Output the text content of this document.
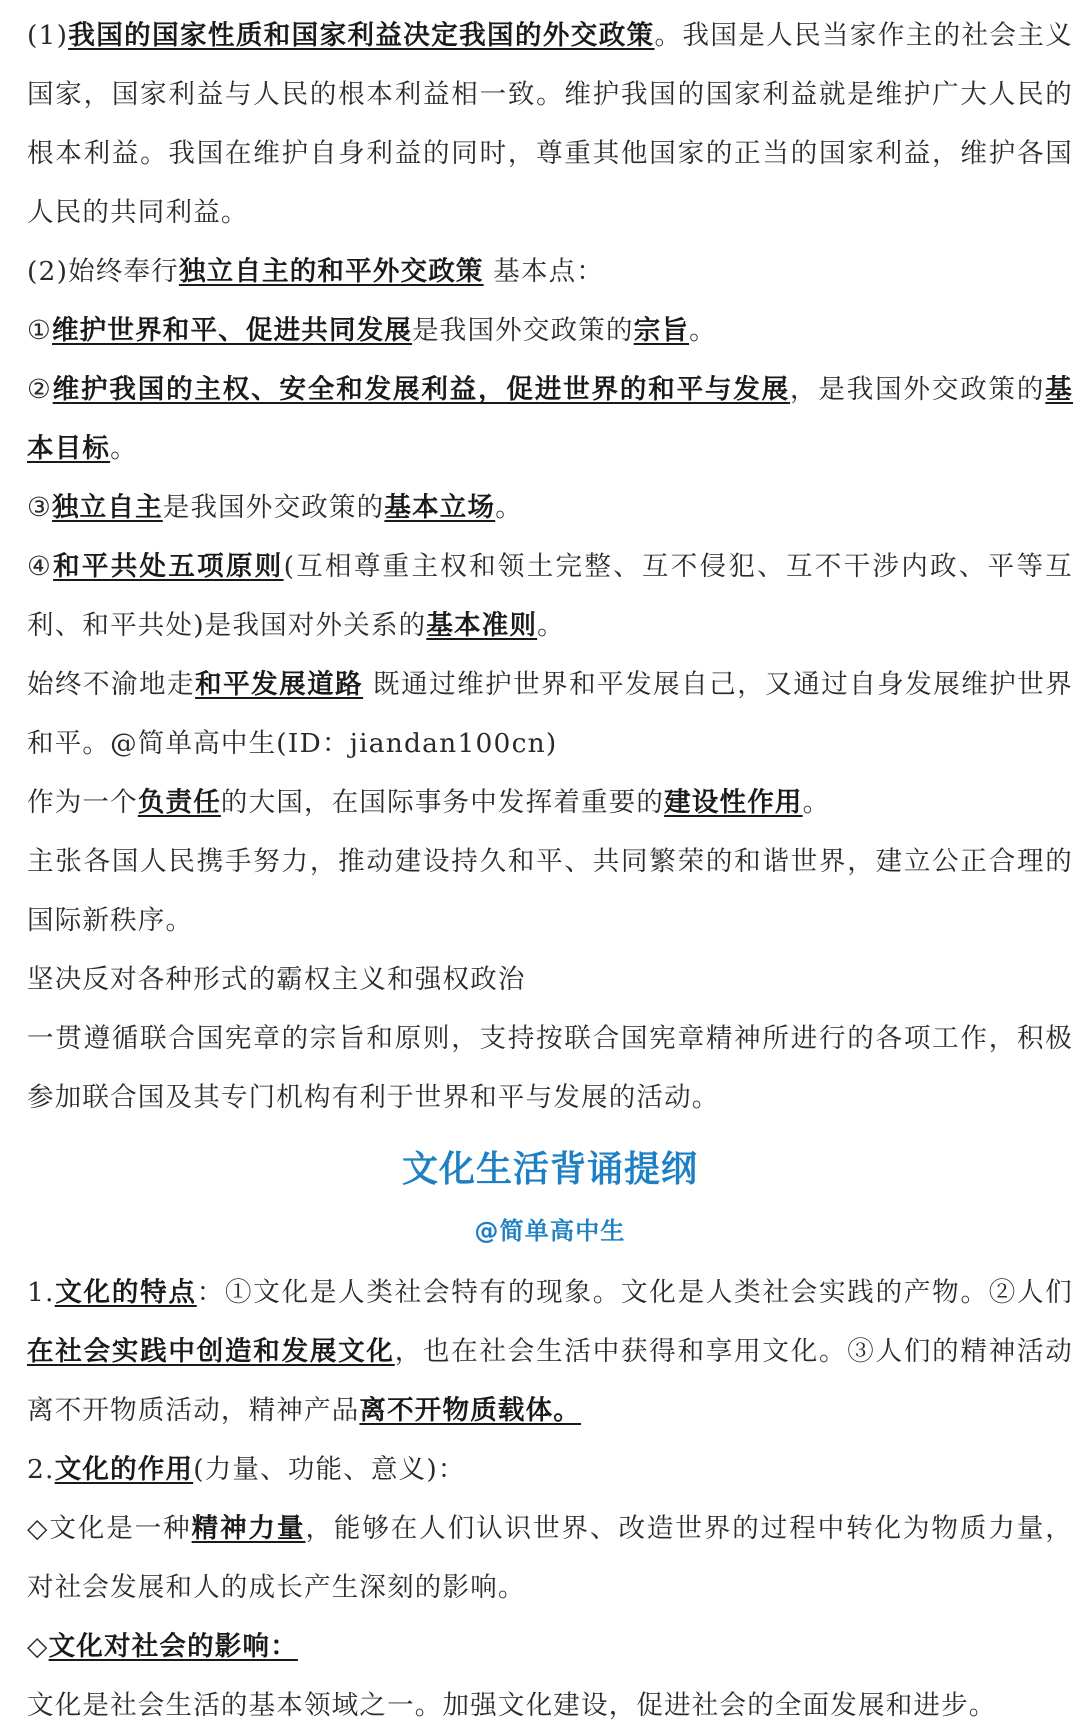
(1)我国的国家性质和国家利益决定我国的外交政策。我国是人民当家作主的社会主义国家，国家利益与人民的根本利益相一致。维护我国的国家利益就是维护广大人民的根本利益。我国在维护自身利益的同时，尊重其他国家的正当的国家利益，维护各国人民的共同利益。

(2)始终奉行独立自主的和平外交政策 基本点：

①维护世界和平、促进共同发展是我国外交政策的宗旨。

②维护我国的主权、安全和发展利益，促进世界的和平与发展，是我国外交政策的基本目标。

③独立自主是我国外交政策的基本立场。

④和平共处五项原则(互相尊重主权和领土完整、互不侵犯、互不干涉内政、平等互利、和平共处)是我国对外关系的基本准则。

始终不渝地走和平发展道路 既通过维护世界和平发展自己，又通过自身发展维护世界和平。@简单高中生(ID：jiandan100cn)

作为一个负责任的大国，在国际事务中发挥着重要的建设性作用。

主张各国人民携手努力，推动建设持久和平、共同繁荣的和谐世界，建立公正合理的国际新秩序。

坚决反对各种形式的霸权主义和强权政治

一贯遵循联合国宪章的宗旨和原则，支持按联合国宪章精神所进行的各项工作，积极参加联合国及其专门机构有利于世界和平与发展的活动。

文化生活背诵提纲
@简单高中生

1.文化的特点：①文化是人类社会特有的现象。文化是人类社会实践的产物。②人们在社会实践中创造和发展文化，也在社会生活中获得和享用文化。③人们的精神活动离不开物质活动，精神产品离不开物质载体。

2.文化的作用(力量、功能、意义)：

◇文化是一种精神力量，能够在人们认识世界、改造世界的过程中转化为物质力量，对社会发展和人的成长产生深刻的影响。

◇文化对社会的影响：

文化是社会生活的基本领域之一。加强文化建设，促进社会的全面发展和进步。
